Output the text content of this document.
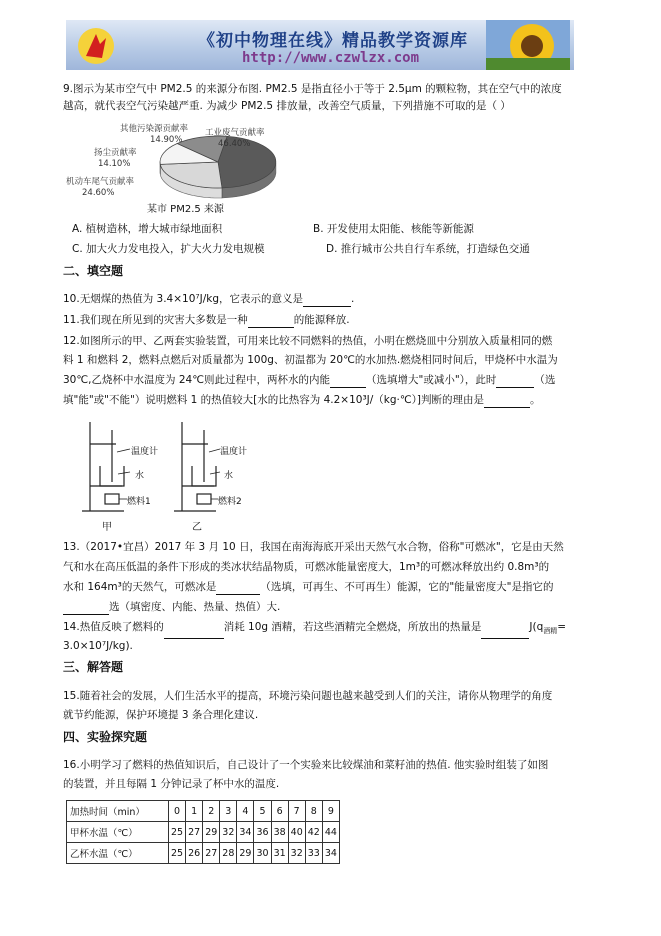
《初中物理在线》精品教学资源库
http://www.czwlzx.com
9.图示为某市空气中 PM2.5 的来源分布图. PM2.5 是指直径小于等于 2.5μm 的颗粒物，其在空气中的浓度
越高，就代表空气污染越严重. 为减少 PM2.5 排放量，改善空气质量，下列措施不可取的是（ ）
其他污染源贡献率
14.90%
工业废气贡献率
46.40%
扬尘贡献率
14.10%
机动车尾气贡献率
24.60%
某市 PM2.5 来源
A. 植树造林，增大城市绿地面积	B. 开发使用太阳能、核能等新能源
C. 加大火力发电投入，扩大火力发电规模	D. 推行城市公共自行车系统，打造绿色交通
二、填空题
10.无烟煤的热值为 3.4×10⁷J/kg，它表示的意义是	.
11.我们现在所见到的灾害大多数是一种	的能源释放.
12.如图所示的甲、乙两套实验装置，可用来比较不同燃料的热值，小明在燃烧皿中分别放入质量相同的燃
料 1 和燃料 2，燃料点燃后对质量都为 100g、初温都为 20℃的水加热.燃烧相同时间后，甲烧杯中水温为
30℃,乙烧杯中水温度为 24℃则此过程中，两杯水的内能	（选填增大"或减小"），此时	（选
填"能"或"不能"）说明燃料 1 的热值较大[水的比热容为 4.2×10³J/（kg·℃）]判断的理由是	。
温度计
水
燃料1
温度计
水
燃料2
甲	乙
13.（2017•宜昌）2017 年 3 月 10 日，我国在南海海底开采出天然气水合物，俗称"可燃冰"，它是由天然
气和水在高压低温的条件下形成的类冰状结晶物质，可燃冰能量密度大，1m³的可燃冰释放出约 0.8m³的
水和 164m³的天然气，可燃冰是	（选填，可再生、不可再生）能源，它的"能量密度大"是指它的
选（填密度、内能、热量、热值）大.
14.热值反映了燃料的	消耗 10g 酒精，若这些酒精完全燃烧，所放出的热量是	$J(q_{酒精}=$
3.0×10⁷J/kg).
三、解答题
15.随着社会的发展，人们生活水平的提高，环境污染问题也越来越受到人们的关注，请你从物理学的角度
就节约能源，保护环境提 3 条合理化建议.
四、实验探究题
16.小明学习了燃料的热值知识后，自己设计了一个实验来比较煤油和菜籽油的热值. 他实验时组装了如图
的装置，并且每隔 1 分钟记录了杯中水的温度.
加热时间（min）	0	1	2	3	4	5	6	7	8	9
甲杯水温（℃）	25	27	29	32	34	36	38	40	42	44
乙杯水温（℃）	25	26	27	28	29	30	31	32	33	34
